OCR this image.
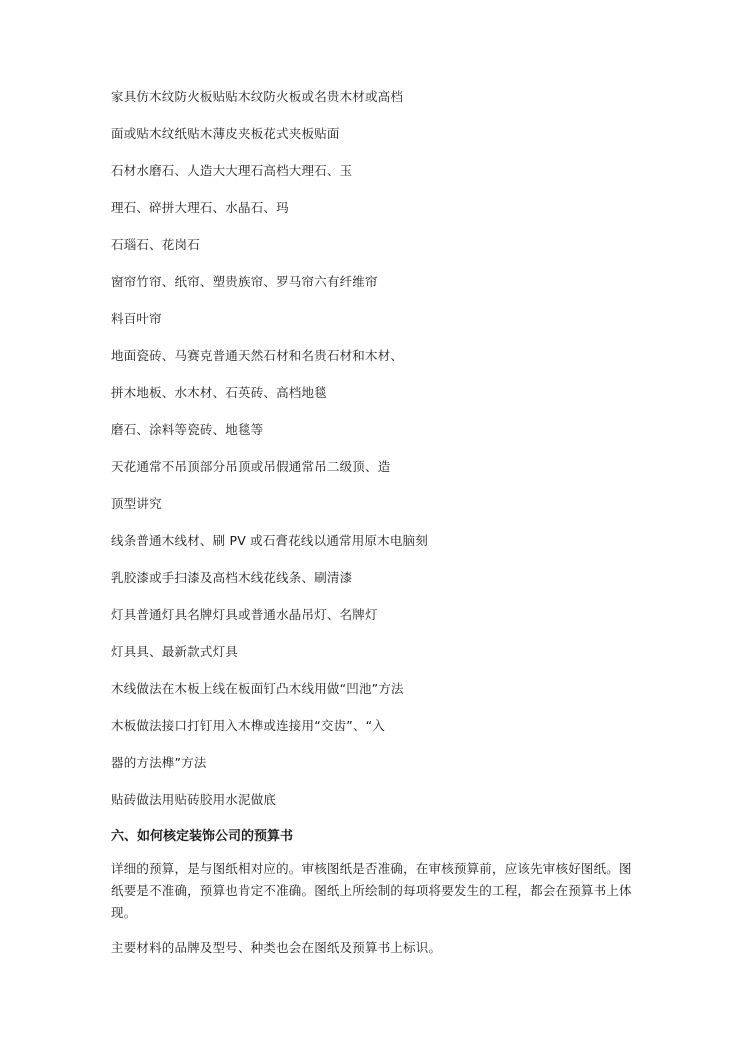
家具仿木纹防火板贴贴木纹防火板或名贵木材或高档
面或贴木纹纸贴木薄皮夹板花式夹板贴面
石材水磨石、人造大大理石高档大理石、玉
理石、碎拼大理石、水晶石、玛
石瑙石、花岗石
窗帘竹帘、纸帘、塑贵族帘、罗马帘六有纤维帘
料百叶帘
地面瓷砖、马赛克普通天然石材和名贵石材和木材、
拼木地板、水木材、石英砖、高档地毯
磨石、涂料等瓷砖、地毯等
天花通常不吊顶部分吊顶或吊假通常吊二级顶、造
顶型讲究
线条普通木线材、刷 PV 或石膏花线以通常用原木电脑刻
乳胶漆或手扫漆及高档木线花线条、刷清漆
灯具普通灯具名牌灯具或普通水晶吊灯、名牌灯
灯具具、最新款式灯具
木线做法在木板上线在板面钉凸木线用做“凹池”方法
木板做法接口打钉用入木榫或连接用“交齿”、“入
器的方法榫”方法
贴砖做法用贴砖胶用水泥做底
六、如何核定装饰公司的预算书
详细的预算，是与图纸相对应的。审核图纸是否准确，在审核预算前，应该先审核好图纸。图纸要是不准确，预算也肯定不准确。图纸上所绘制的每项将要发生的工程，都会在预算书上体现。
主要材料的品牌及型号、种类也会在图纸及预算书上标识。
